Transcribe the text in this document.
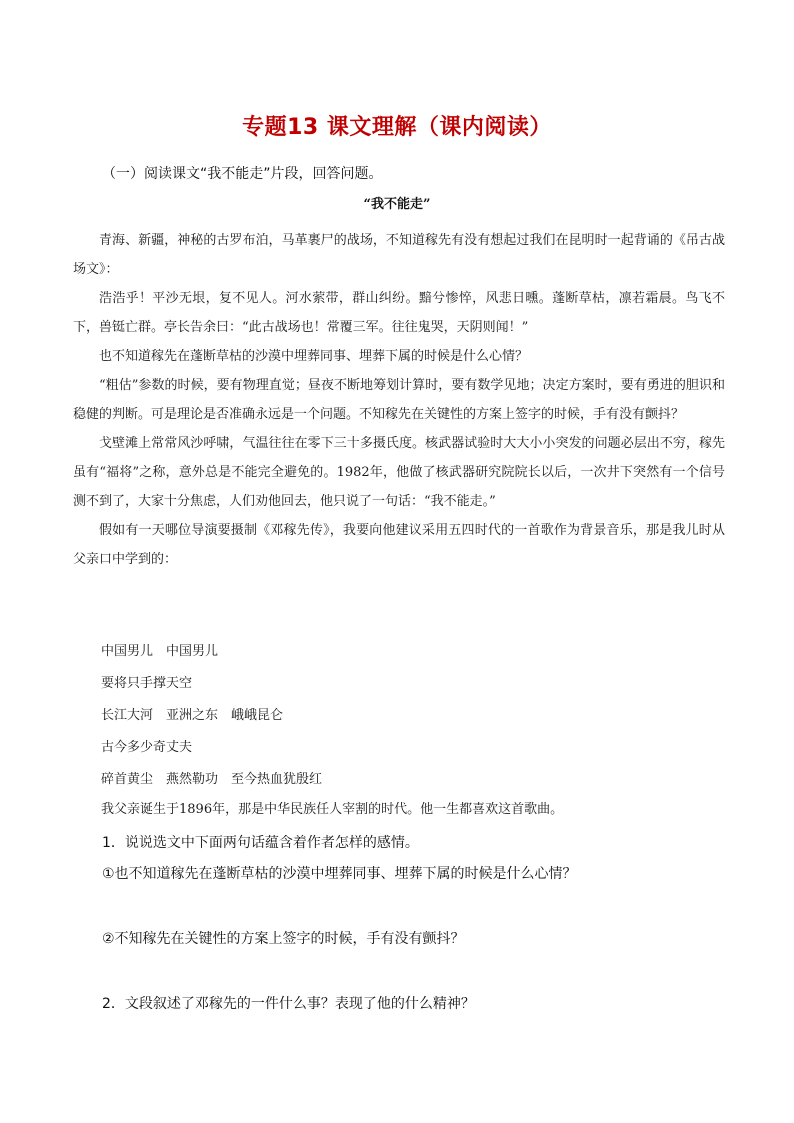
专题13 课文理解（课内阅读）
（一）阅读课文“我不能走”片段，回答问题。
“我不能走”

青海、新疆，神秘的古罗布泊，马革裹尸的战场，不知道稼先有没有想起过我们在昆明时一起背诵的《吊古战场文》：

浩浩乎！平沙无垠，复不见人。河水萦带，群山纠纷。黯兮惨悴，风悲日曛。蓬断草枯，凛若霜晨。鸟飞不下，兽铤亡群。亭长告余曰：“此古战场也！常覆三军。往往鬼哭，天阴则闻！”

也不知道稼先在蓬断草枯的沙漠中埋葬同事、埋葬下属的时候是什么心情？

“粗估”参数的时候，要有物理直觉；昼夜不断地筹划计算时，要有数学见地；决定方案时，要有勇进的胆识和稳健的判断。可是理论是否准确永远是一个问题。不知稼先在关键性的方案上签字的时候，手有没有颤抖？

戈壁滩上常常风沙呼啸，气温往往在零下三十多摄氏度。核武器试验时大大小小突发的问题必层出不穷，稼先虽有“福将”之称，意外总是不能完全避免的。1982年，他做了核武器研究院院长以后，一次井下突然有一个信号测不到了，大家十分焦虑，人们劝他回去，他只说了一句话：“我不能走。”

假如有一天哪位导演要摄制《邓稼先传》，我要向他建议采用五四时代的一首歌作为背景音乐，那是我儿时从父亲口中学到的：

中国男儿　中国男儿
要将只手撑天空
长江大河　亚洲之东　峨峨昆仑
古今多少奇丈夫
碎首黄尘　燕然勒功　至今热血犹殷红
我父亲诞生于1896年，那是中华民族任人宰割的时代。他一生都喜欢这首歌曲。
1．说说选文中下面两句话蕴含着作者怎样的感情。
①也不知道稼先在蓬断草枯的沙漠中埋葬同事、埋葬下属的时候是什么心情？
②不知稼先在关键性的方案上签字的时候，手有没有颤抖？
2．文段叙述了邓稼先的一件什么事？表现了他的什么精神？
